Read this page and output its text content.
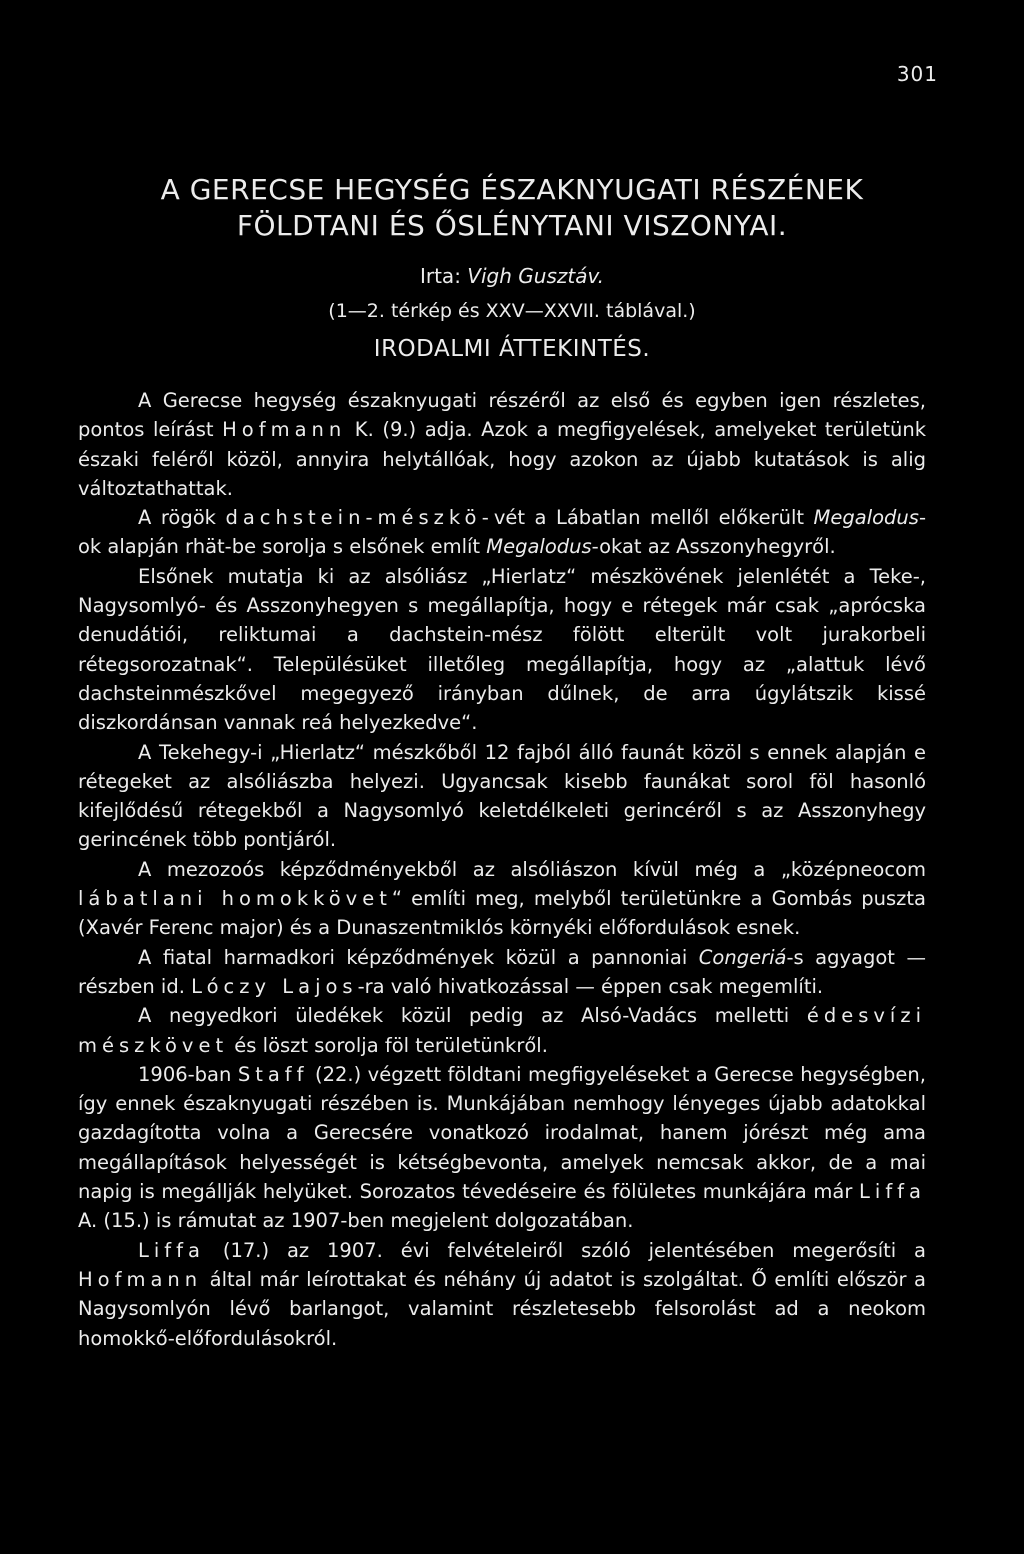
301
A GERECSE HEGYSÉG ÉSZAKNYUGATI RÉSZÉNEK
FÖLDTANI ÉS ŐSLÉNYTANI VISZONYAI.
Irta: Vigh Gusztáv.
(1—2. térkép és XXV—XXVII. táblával.)
IRODALMI ÁTTEKINTÉS.

A Gerecse hegység északnyugati részéről az első és egyben igen részletes, pontos leírást Hofmann K. (9.) adja. Azok a megfigyelések, amelyeket területünk északi feléről közöl, annyira helytállóak, hogy azokon az újabb kutatások is alig változtathattak.

A rögök dachstein-mészkö-vét a Lábatlan mellől előkerült Megalodus-ok alapján rhät-be sorolja s elsőnek említ Megalodus-okat az Asszonyhegyről.

Elsőnek mutatja ki az alsóliász „Hierlatz“ mészkövének jelenlétét a Teke-, Nagysomlyó- és Asszonyhegyen s megállapítja, hogy e rétegek már csak „aprócska denudátiói, reliktumai a dachstein-mész fölött elterült volt jurakorbeli rétegsorozatnak“. Településüket illetőleg megállapítja, hogy az „alattuk lévő dachsteinmészkővel megegyező irányban dűlnek, de arra úgylátszik kissé diszkordánsan vannak reá helyezkedve“.

A Tekehegy-i „Hierlatz“ mészkőből 12 fajból álló faunát közöl s ennek alapján e rétegeket az alsóliászba helyezi. Ugyancsak kisebb faunákat sorol föl hasonló kifejlődésű rétegekből a Nagysomlyó keletdélkeleti gerincéről s az Asszonyhegy gerincének több pontjáról.

A mezozoós képződményekből az alsóliászon kívül még a „középneocom lábatlani homokkövet“ említi meg, melyből területünkre a Gombás puszta (Xavér Ferenc major) és a Dunaszentmiklós környéki előfordulások esnek.

A fiatal harmadkori képződmények közül a pannoniai Congeriá-s agyagot — részben id. Lóczy Lajos-ra való hivatkozással — éppen csak megemlíti.

A negyedkori üledékek közül pedig az Alsó-Vadács melletti édesvízi mészkövet és löszt sorolja föl területünkről.

1906-ban Staff (22.) végzett földtani megfigyeléseket a Gerecse hegységben, így ennek északnyugati részében is. Munkájában nemhogy lényeges újabb adatokkal gazdagította volna a Gerecsére vonatkozó irodalmat, hanem jórészt még ama megállapítások helyességét is kétségbevonta, amelyek nemcsak akkor, de a mai napig is megállják helyüket. Sorozatos tévedéseire és fölületes munkájára már Liffa A. (15.) is rámutat az 1907-ben megjelent dolgozatában.

Liffa (17.) az 1907. évi felvételeiről szóló jelentésében megerősíti a Hofmann által már leírottakat és néhány új adatot is szolgáltat. Ő említi először a Nagysomlyón lévő barlangot, valamint részletesebb felsorolást ad a neokom homokkő-előfordulásokról.
